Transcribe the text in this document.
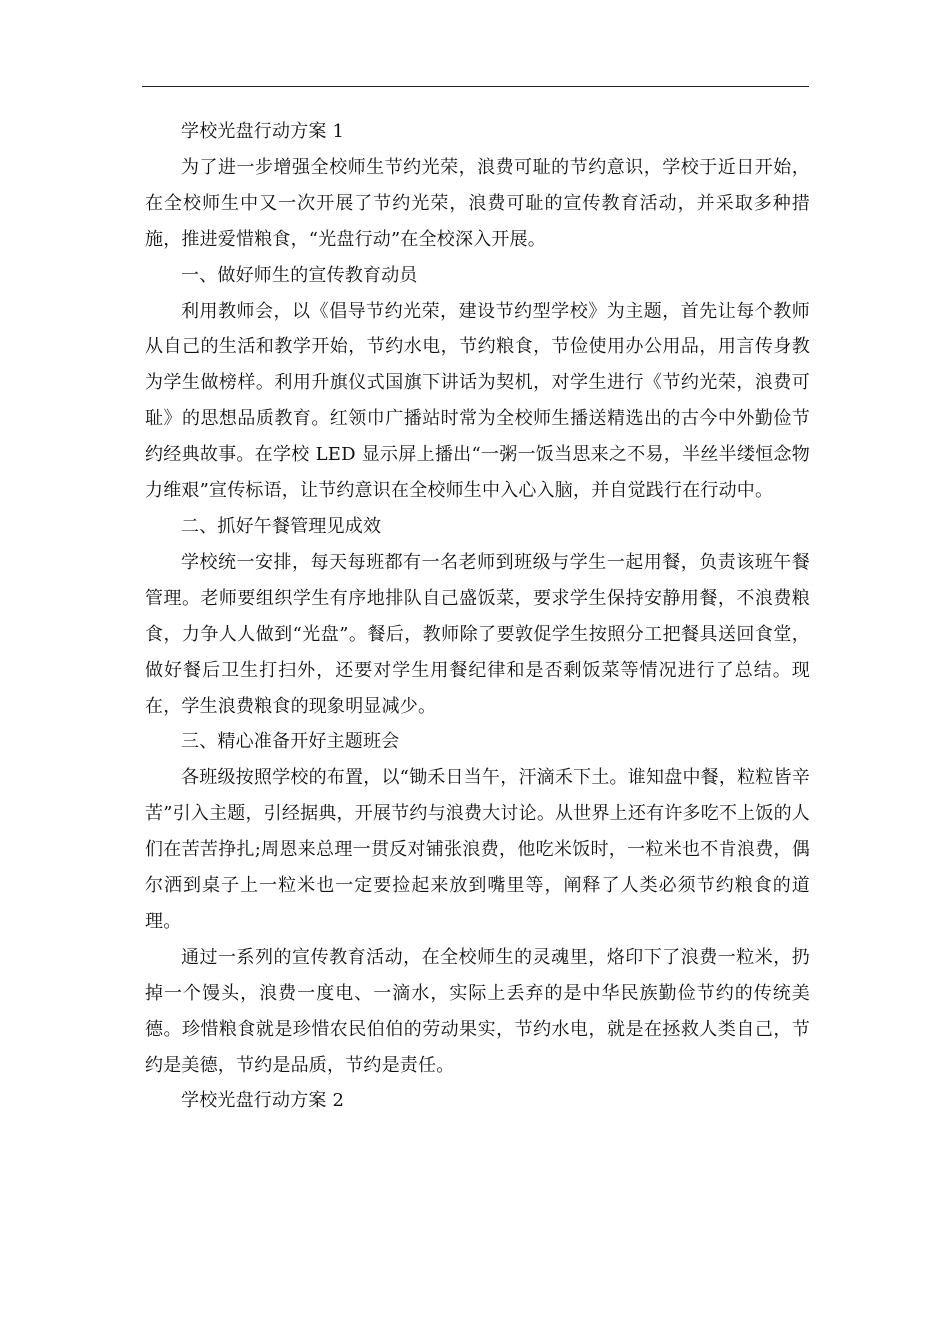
学校光盘行动方案 1

为了进一步增强全校师生节约光荣，浪费可耻的节约意识，学校于近日开始，在全校师生中又一次开展了节约光荣，浪费可耻的宣传教育活动，并采取多种措施，推进爱惜粮食，“光盘行动”在全校深入开展。

一、做好师生的宣传教育动员

利用教师会，以《倡导节约光荣，建设节约型学校》为主题，首先让每个教师从自己的生活和教学开始，节约水电，节约粮食，节俭使用办公用品，用言传身教为学生做榜样。利用升旗仪式国旗下讲话为契机，对学生进行《节约光荣，浪费可耻》的思想品质教育。红领巾广播站时常为全校师生播送精选出的古今中外勤俭节约经典故事。在学校 LED 显示屏上播出“一粥一饭当思来之不易，半丝半缕恒念物力维艰”宣传标语，让节约意识在全校师生中入心入脑，并自觉践行在行动中。

二、抓好午餐管理见成效

学校统一安排，每天每班都有一名老师到班级与学生一起用餐，负责该班午餐管理。老师要组织学生有序地排队自己盛饭菜，要求学生保持安静用餐，不浪费粮食，力争人人做到“光盘”。餐后，教师除了要敦促学生按照分工把餐具送回食堂，做好餐后卫生打扫外，还要对学生用餐纪律和是否剩饭菜等情况进行了总结。现在，学生浪费粮食的现象明显减少。

三、精心准备开好主题班会

各班级按照学校的布置，以“锄禾日当午，汗滴禾下土。谁知盘中餐，粒粒皆辛苦”引入主题，引经据典，开展节约与浪费大讨论。从世界上还有许多吃不上饭的人们在苦苦挣扎;周恩来总理一贯反对铺张浪费，他吃米饭时，一粒米也不肯浪费，偶尔洒到桌子上一粒米也一定要捡起来放到嘴里等，阐释了人类必须节约粮食的道理。

通过一系列的宣传教育活动，在全校师生的灵魂里，烙印下了浪费一粒米，扔掉一个馒头，浪费一度电、一滴水，实际上丢弃的是中华民族勤俭节约的传统美德。珍惜粮食就是珍惜农民伯伯的劳动果实，节约水电，就是在拯救人类自己，节约是美德，节约是品质，节约是责任。

学校光盘行动方案 2
